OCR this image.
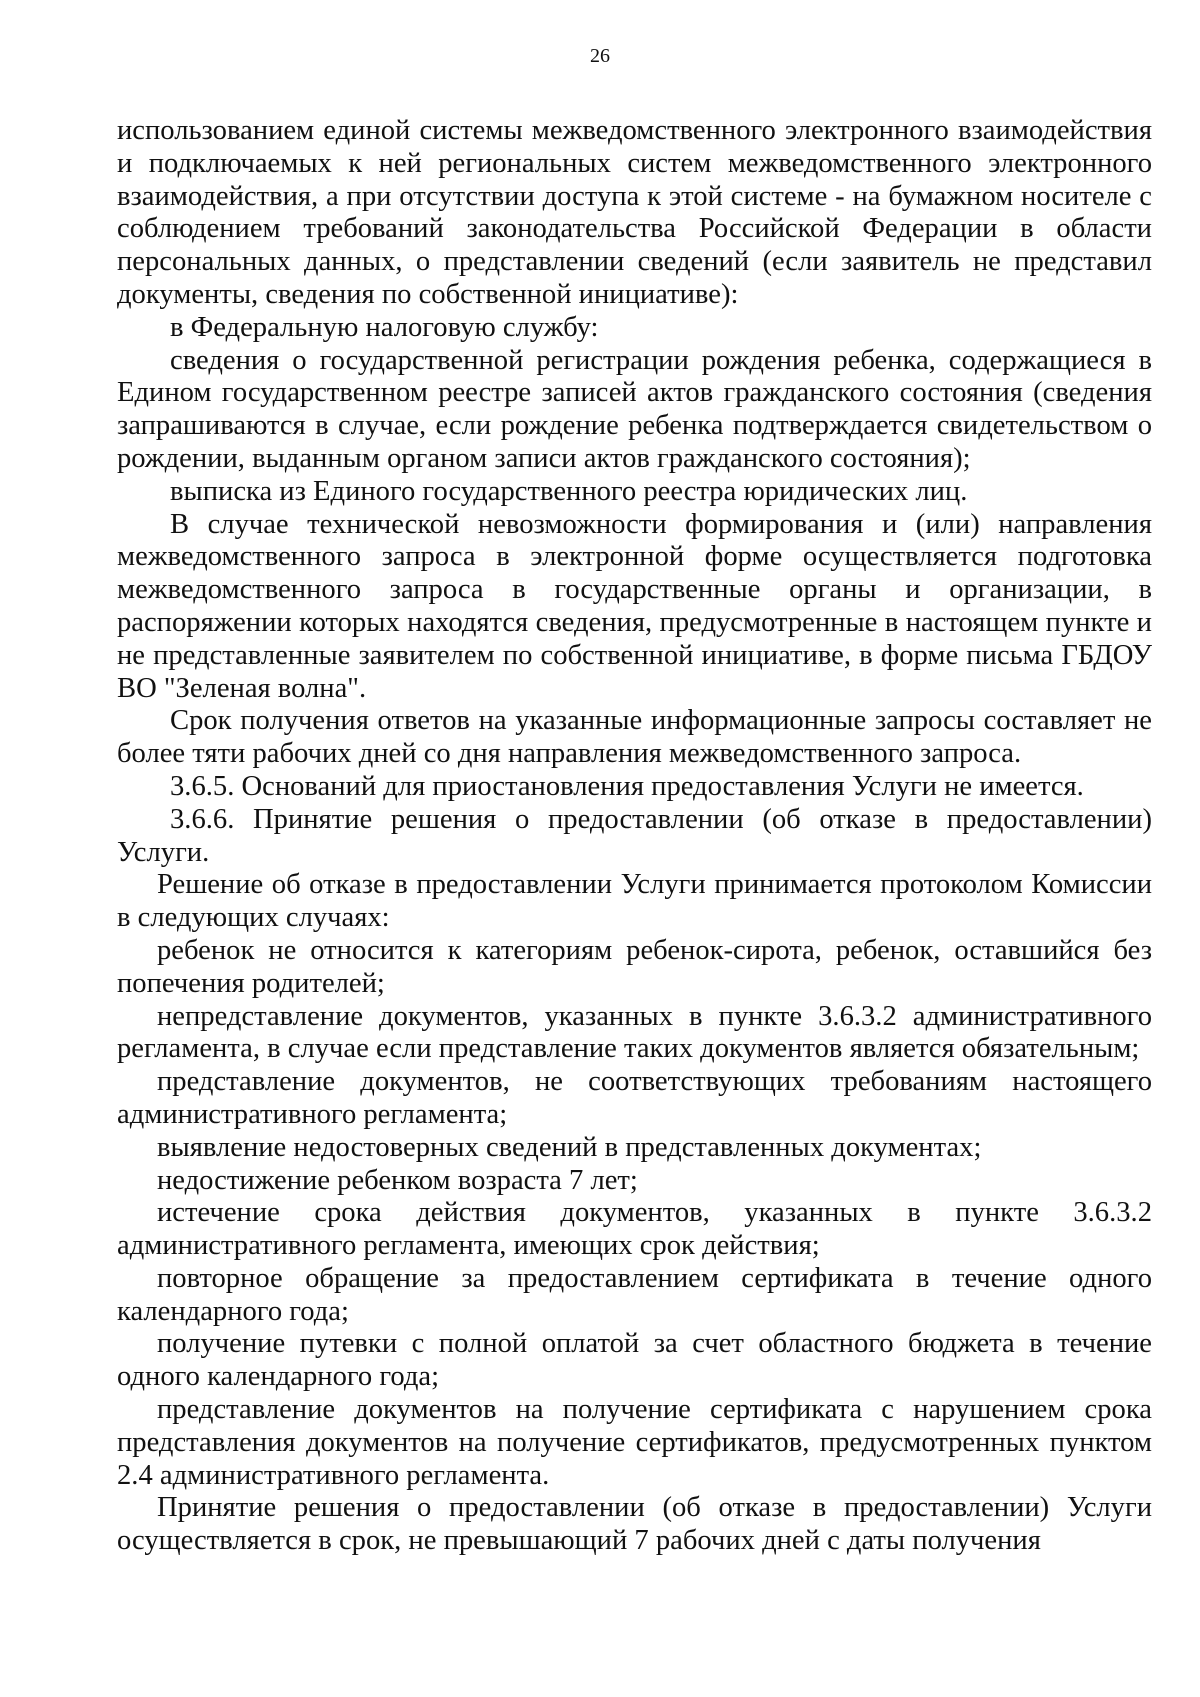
26

использованием единой системы межведомственного электронного взаимодействия и подключаемых к ней региональных систем межведомственного электронного взаимодействия, а при отсутствии доступа к этой системе - на бумажном носителе с соблюдением требований законодательства Российской Федерации в области персональных данных, о представлении сведений (если заявитель не представил документы, сведения по собственной инициативе):

в Федеральную налоговую службу:

сведения о государственной регистрации рождения ребенка, содержащиеся в Едином государственном реестре записей актов гражданского состояния (сведения запрашиваются в случае, если рождение ребенка подтверждается свидетельством о рождении, выданным органом записи актов гражданского состояния);

выписка из Единого государственного реестра юридических лиц.

В случае технической невозможности формирования и (или) направления межведомственного запроса в электронной форме осуществляется подготовка межведомственного запроса в государственные органы и организации, в распоряжении которых находятся сведения, предусмотренные в настоящем пункте и не представленные заявителем по собственной инициативе, в форме письма ГБДОУ ВО "Зеленая волна".

Срок получения ответов на указанные информационные запросы составляет не более тяти рабочих дней со дня направления межведомственного запроса.

3.6.5. Оснований для приостановления предоставления Услуги не имеется.

3.6.6. Принятие решения о предоставлении (об отказе в предоставлении) Услуги.

Решение об отказе в предоставлении Услуги принимается протоколом Комиссии в следующих случаях:

ребенок не относится к категориям ребенок-сирота, ребенок, оставшийся без попечения родителей;

непредставление документов, указанных в пункте 3.6.3.2 административного регламента, в случае если представление таких документов является обязательным;

представление документов, не соответствующих требованиям настоящего административного регламента;

выявление недостоверных сведений в представленных документах;

недостижение ребенком возраста 7 лет;

истечение срока действия документов, указанных в пункте 3.6.3.2 административного регламента, имеющих срок действия;

повторное обращение за предоставлением сертификата в течение одного календарного года;

получение путевки с полной оплатой за счет областного бюджета в течение одного календарного года;

представление документов на получение сертификата с нарушением срока представления документов на получение сертификатов, предусмотренных пунктом 2.4 административного регламента.

Принятие решения о предоставлении (об отказе в предоставлении) Услуги осуществляется в срок, не превышающий 7 рабочих дней с даты получения
